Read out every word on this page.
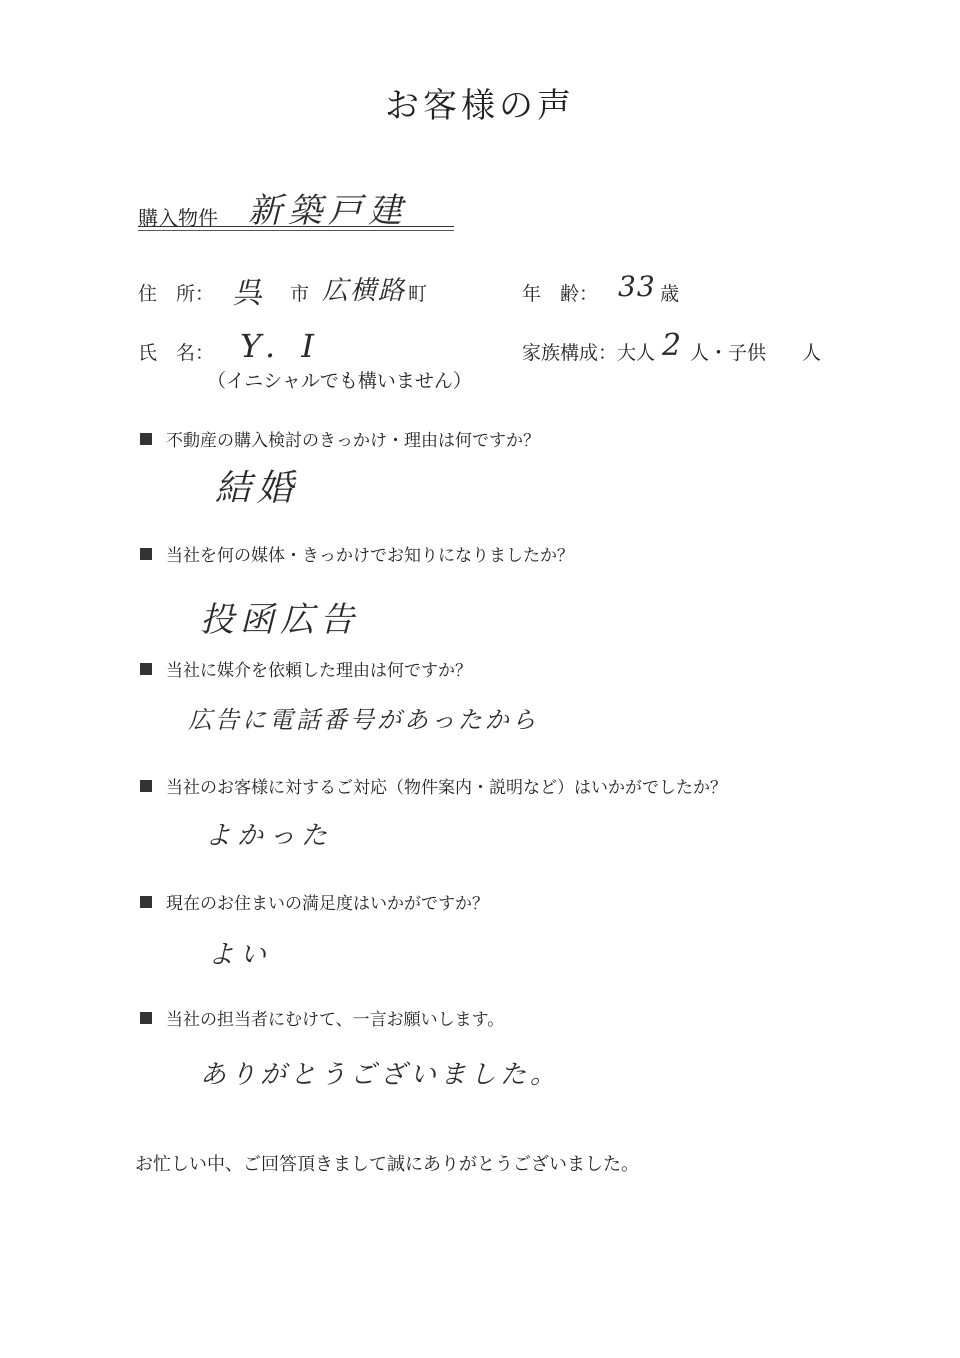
お客様の声
購入物件 新築戸建
住　所： 呉 市 広横路 町	年　齢： 33 歳
氏　名： Y. I
（イニシャルでも構いません）
家族構成：大人 2 人・子供 人
不動産の購入検討のきっかけ・理由は何ですか？
結婚
当社を何の媒体・きっかけでお知りになりましたか？
投函広告
当社に媒介を依頼した理由は何ですか？
広告に電話番号があったから
当社のお客様に対するご対応（物件案内・説明など）はいかがでしたか？
よかった
現在のお住まいの満足度はいかがですか？
よい
当社の担当者にむけて、一言お願いします。
ありがとうございました。
お忙しい中、ご回答頂きまして誠にありがとうございました。
